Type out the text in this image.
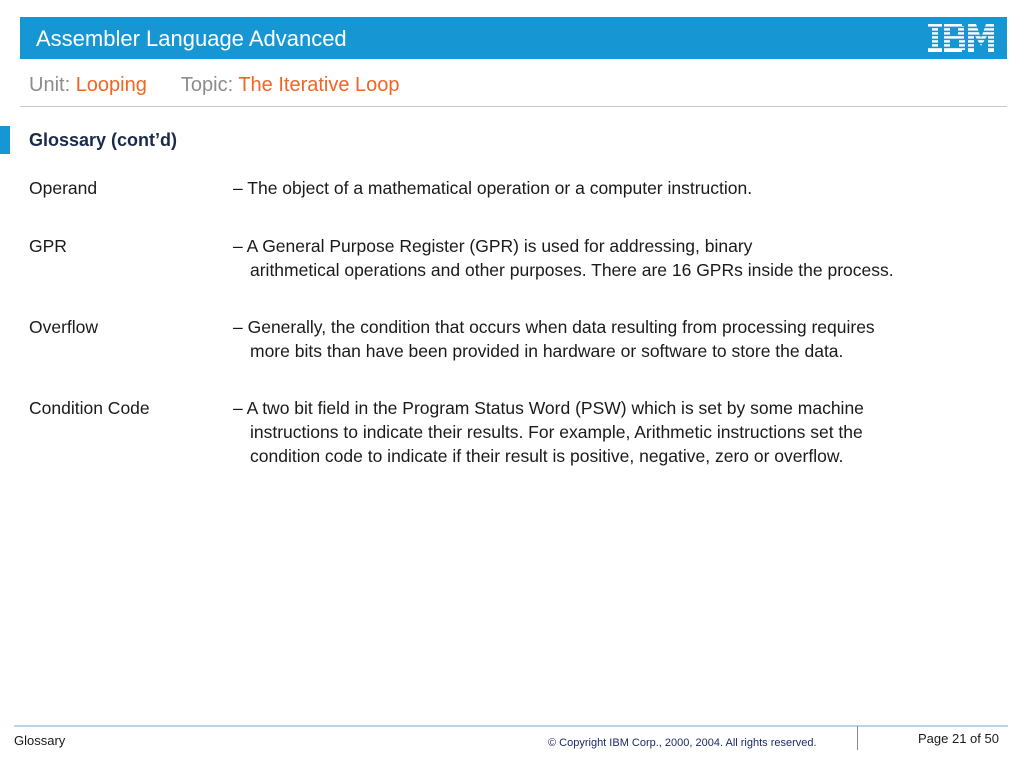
Assembler Language Advanced
Unit: Looping Topic: The Iterative Loop
Glossary (cont’d)
Operand	– The object of a mathematical operation or a computer instruction.
GPR	– A General Purpose Register (GPR) is used for addressing, binary
arithmetical operations and other purposes. There are 16 GPRs inside the process.
Overflow	– Generally, the condition that occurs when data resulting from processing requires
more bits than have been provided in hardware or software to store the data.
Condition Code	– A two bit field in the Program Status Word (PSW) which is set by some machine
instructions to indicate their results. For example, Arithmetic instructions set the
condition code to indicate if their result is positive, negative, zero or overflow.
Glossary	© Copyright IBM Corp., 2000, 2004. All rights reserved.	Page 21 of 50
